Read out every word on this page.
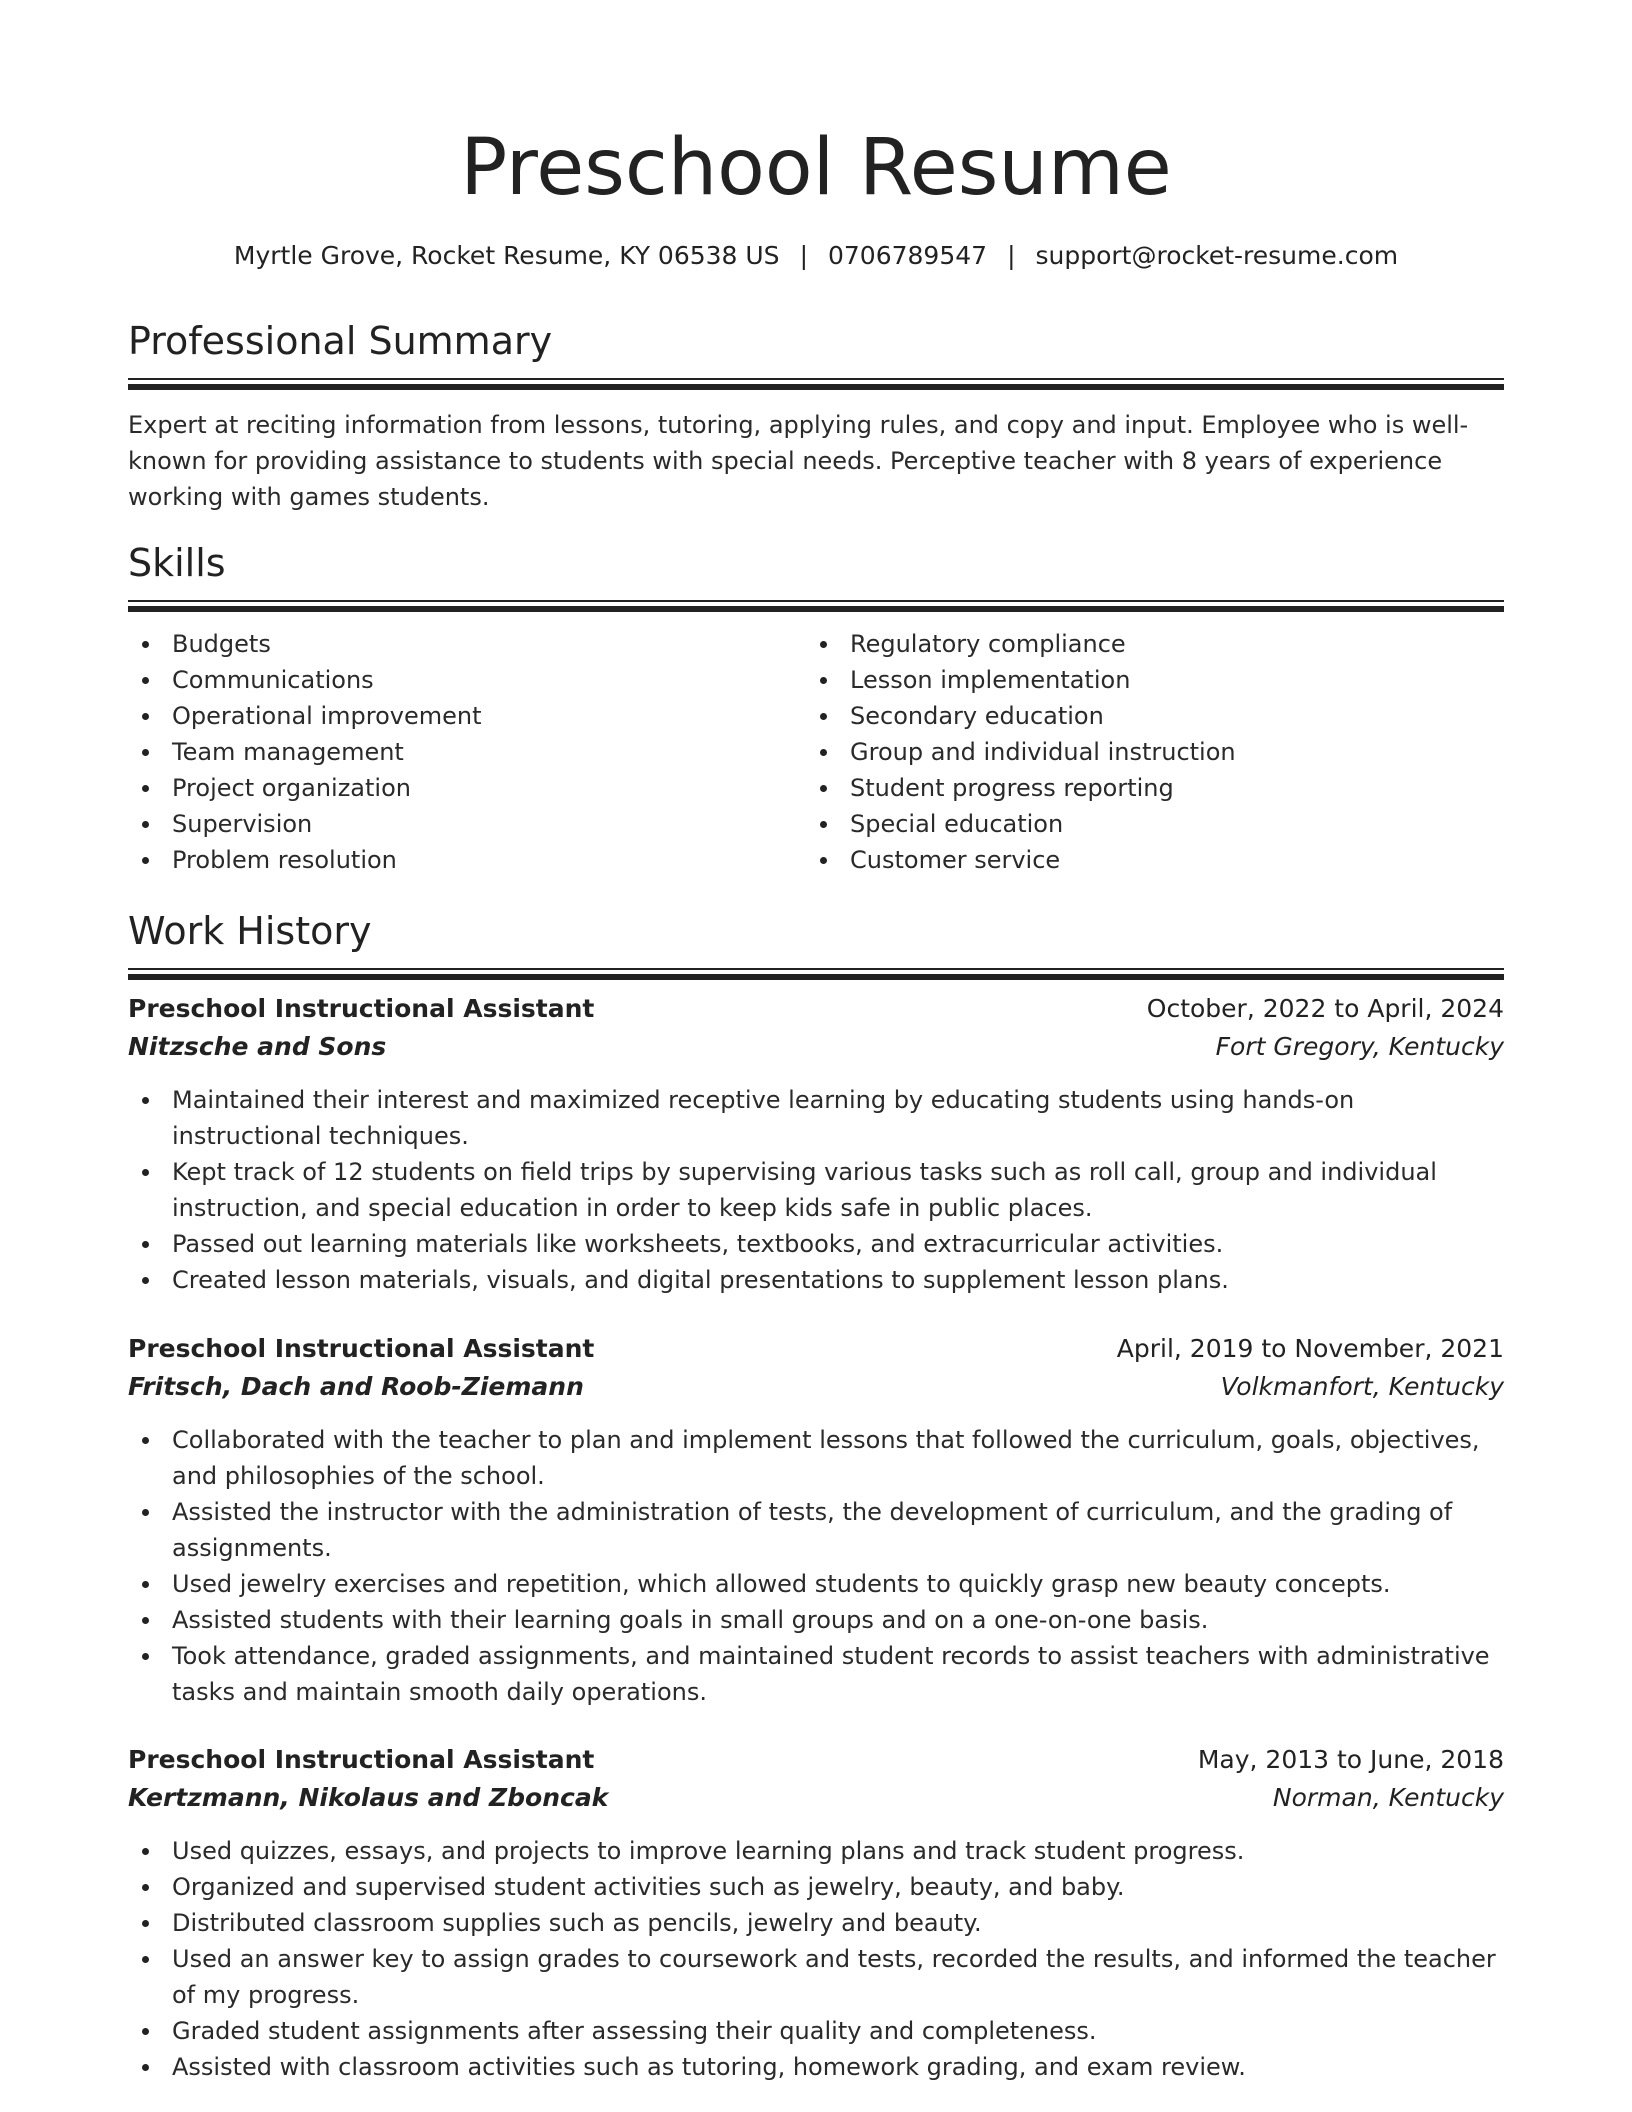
Preschool Resume
Myrtle Grove, Rocket Resume, KY 06538 US | 0706789547 | support@rocket-resume.com
Professional Summary
Expert at reciting information from lessons, tutoring, applying rules, and copy and input. Employee who is well-known for providing assistance to students with special needs. Perceptive teacher with 8 years of experience working with games students.
Skills
Budgets
Communications
Operational improvement
Team management
Project organization
Supervision
Problem resolution
Regulatory compliance
Lesson implementation
Secondary education
Group and individual instruction
Student progress reporting
Special education
Customer service
Work History
Preschool Instructional Assistant	October, 2022 to April, 2024
Nitzsche and Sons	Fort Gregory, Kentucky
Maintained their interest and maximized receptive learning by educating students using hands-on instructional techniques.
Kept track of 12 students on field trips by supervising various tasks such as roll call, group and individual instruction, and special education in order to keep kids safe in public places.
Passed out learning materials like worksheets, textbooks, and extracurricular activities.
Created lesson materials, visuals, and digital presentations to supplement lesson plans.
Preschool Instructional Assistant	April, 2019 to November, 2021
Fritsch, Dach and Roob-Ziemann	Volkmanfort, Kentucky
Collaborated with the teacher to plan and implement lessons that followed the curriculum, goals, objectives, and philosophies of the school.
Assisted the instructor with the administration of tests, the development of curriculum, and the grading of assignments.
Used jewelry exercises and repetition, which allowed students to quickly grasp new beauty concepts.
Assisted students with their learning goals in small groups and on a one-on-one basis.
Took attendance, graded assignments, and maintained student records to assist teachers with administrative tasks and maintain smooth daily operations.
Preschool Instructional Assistant	May, 2013 to June, 2018
Kertzmann, Nikolaus and Zboncak	Norman, Kentucky
Used quizzes, essays, and projects to improve learning plans and track student progress.
Organized and supervised student activities such as jewelry, beauty, and baby.
Distributed classroom supplies such as pencils, jewelry and beauty.
Used an answer key to assign grades to coursework and tests, recorded the results, and informed the teacher of my progress.
Graded student assignments after assessing their quality and completeness.
Assisted with classroom activities such as tutoring, homework grading, and exam review.
